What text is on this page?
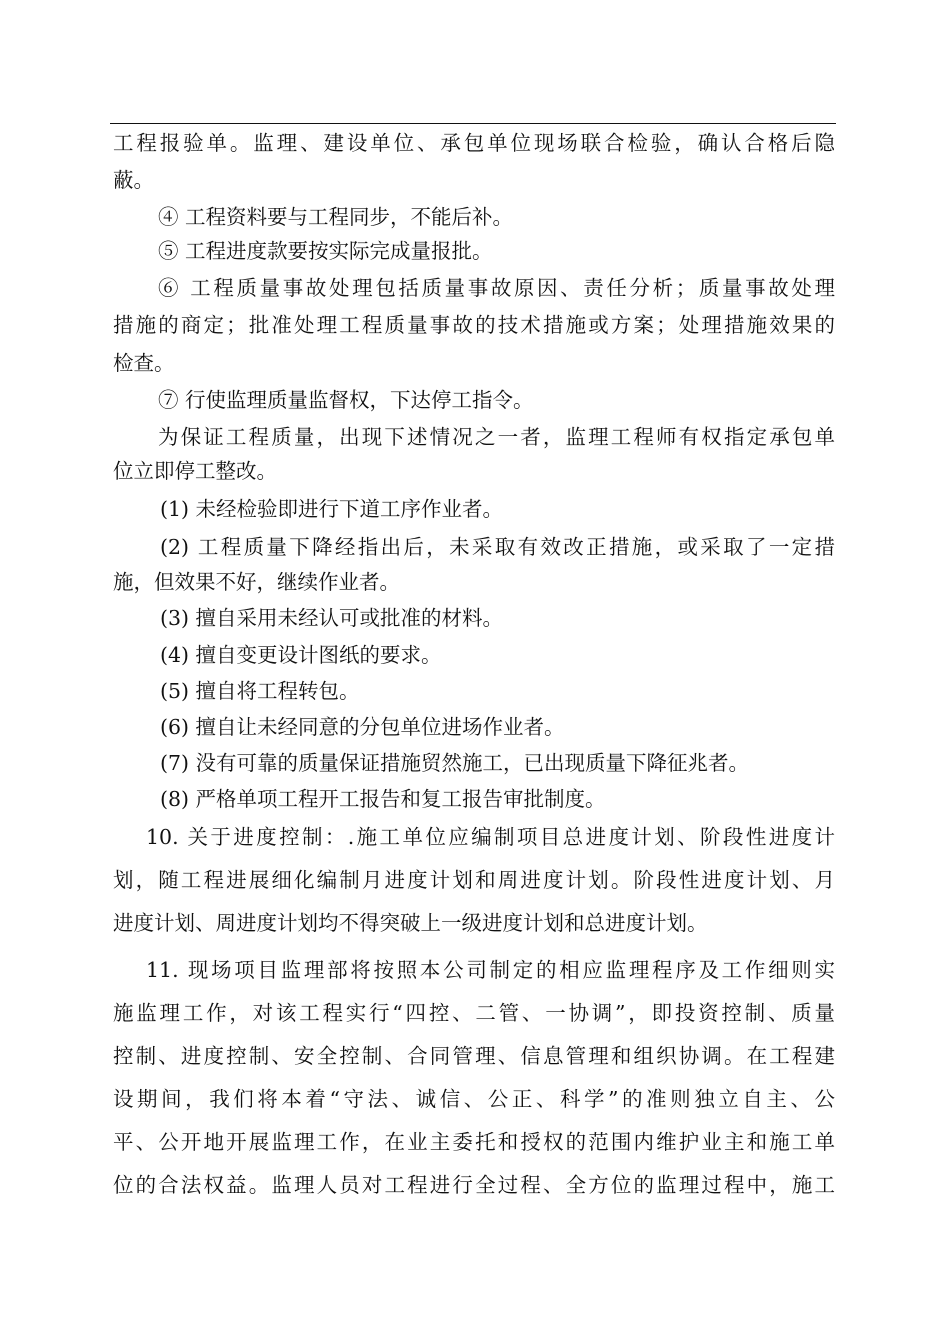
工程报验单。监理、建设单位、承包单位现场联合检验，确认合格后隐
蔽。
④ 工程资料要与工程同步，不能后补。
⑤ 工程进度款要按实际完成量报批。
⑥ 工程质量事故处理包括质量事故原因、责任分析；质量事故处理
措施的商定；批准处理工程质量事故的技术措施或方案；处理措施效果的
检查。
⑦ 行使监理质量监督权，下达停工指令。
为保证工程质量，出现下述情况之一者，监理工程师有权指定承包单
位立即停工整改。
(1) 未经检验即进行下道工序作业者。
(2) 工程质量下降经指出后，未采取有效改正措施，或采取了一定措
施，但效果不好，继续作业者。
(3) 擅自采用未经认可或批准的材料。
(4) 擅自变更设计图纸的要求。
(5) 擅自将工程转包。
(6) 擅自让未经同意的分包单位进场作业者。
(7) 没有可靠的质量保证措施贸然施工，已出现质量下降征兆者。
(8) 严格单项工程开工报告和复工报告审批制度。
10. 关于进度控制：.施工单位应编制项目总进度计划、阶段性进度计
划，随工程进展细化编制月进度计划和周进度计划。阶段性进度计划、月
进度计划、周进度计划均不得突破上一级进度计划和总进度计划。
11. 现场项目监理部将按照本公司制定的相应监理程序及工作细则实
施监理工作，对该工程实行“四控、二管、一协调”，即投资控制、质量
控制、进度控制、安全控制、合同管理、信息管理和组织协调。在工程建
设期间，我们将本着“守法、诚信、公正、科学”的准则独立自主、公
平、公开地开展监理工作，在业主委托和授权的范围内维护业主和施工单
位的合法权益。监理人员对工程进行全过程、全方位的监理过程中，施工
